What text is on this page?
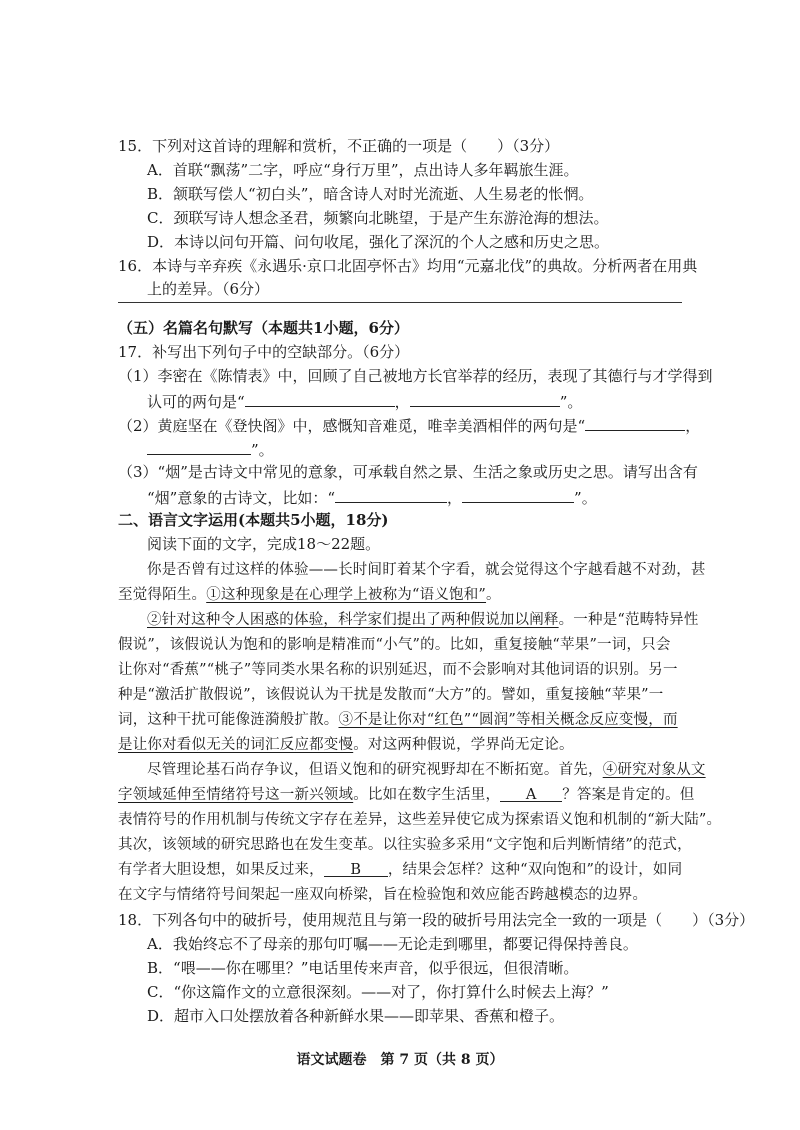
15．下列对这首诗的理解和赏析，不正确的一项是（　　）（3分）
A．首联“飘荡”二字，呼应“身行万里”，点出诗人多年羁旅生涯。
B．颔联写偿人“初白头”，暗含诗人对时光流逝、人生易老的怅惘。
C．颈联写诗人想念圣君，频繁向北眺望，于是产生东游沧海的想法。
D．本诗以问句开篇、问句收尾，强化了深沉的个人之感和历史之思。
16．本诗与辛弃疾《永遇乐·京口北固亭怀古》均用“元嘉北伐”的典故。分析两者在用典
上的差异。（6分）
（五）名篇名句默写（本题共1小题，6分）
17．补写出下列句子中的空缺部分。（6分）
（1）李密在《陈情表》中，回顾了自己被地方长官举荐的经历，表现了其德行与才学得到
认可的两句是“	，	”。
（2）黄庭坚在《登快阁》中，感慨知音难觅，唯幸美酒相伴的两句是“	，
”。
（3）“烟”是古诗文中常见的意象，可承载自然之景、生活之象或历史之思。请写出含有
“烟”意象的古诗文，比如：“	，	”。
二、语言文字运用(本题共5小题，18分)
阅读下面的文字，完成18～22题。
你是否曾有过这样的体验——长时间盯着某个字看，就会觉得这个字越看越不对劲，甚
至觉得陌生。①这种现象是在心理学上被称为“语义饱和”。
②针对这种令人困惑的体验，科学家们提出了两种假说加以阐释。一种是“范畴特异性
假说”，该假说认为饱和的影响是精准而“小气”的。比如，重复接触“苹果”一词，只会
让你对“香蕉”“桃子”等同类水果名称的识别延迟，而不会影响对其他词语的识别。另一
种是“激活扩散假说”，该假说认为干扰是发散而“大方”的。譬如，重复接触“苹果”一
词，这种干扰可能像涟漪般扩散。③不是让你对“红色”“圆润”等相关概念反应变慢，而
是让你对看似无关的词汇反应都变慢。对这两种假说，学界尚无定论。
尽管理论基石尚存争议，但语义饱和的研究视野却在不断拓宽。首先，④研究对象从文
字领域延伸至情绪符号这一新兴领域。比如在数字生活里， A ？答案是肯定的。但
表情符号的作用机制与传统文字存在差异，这些差异使它成为探索语义饱和机制的“新大陆”。
其次，该领域的研究思路也在发生变革。以往实验多采用“文字饱和后判断情绪”的范式，
有学者大胆设想，如果反过来， B ，结果会怎样？这种“双向饱和”的设计，如同
在文字与情绪符号间架起一座双向桥梁，旨在检验饱和效应能否跨越模态的边界。
18．下列各句中的破折号，使用规范且与第一段的破折号用法完全一致的一项是（　　）（3分）
A．我始终忘不了母亲的那句叮嘱——无论走到哪里，都要记得保持善良。
B．“喂——你在哪里？”电话里传来声音，似乎很远，但很清晰。
C．“你这篇作文的立意很深刻。——对了，你打算什么时候去上海？”
D．超市入口处摆放着各种新鲜水果——即苹果、香蕉和橙子。
语文试题卷　第 7 页（共 8 页）
